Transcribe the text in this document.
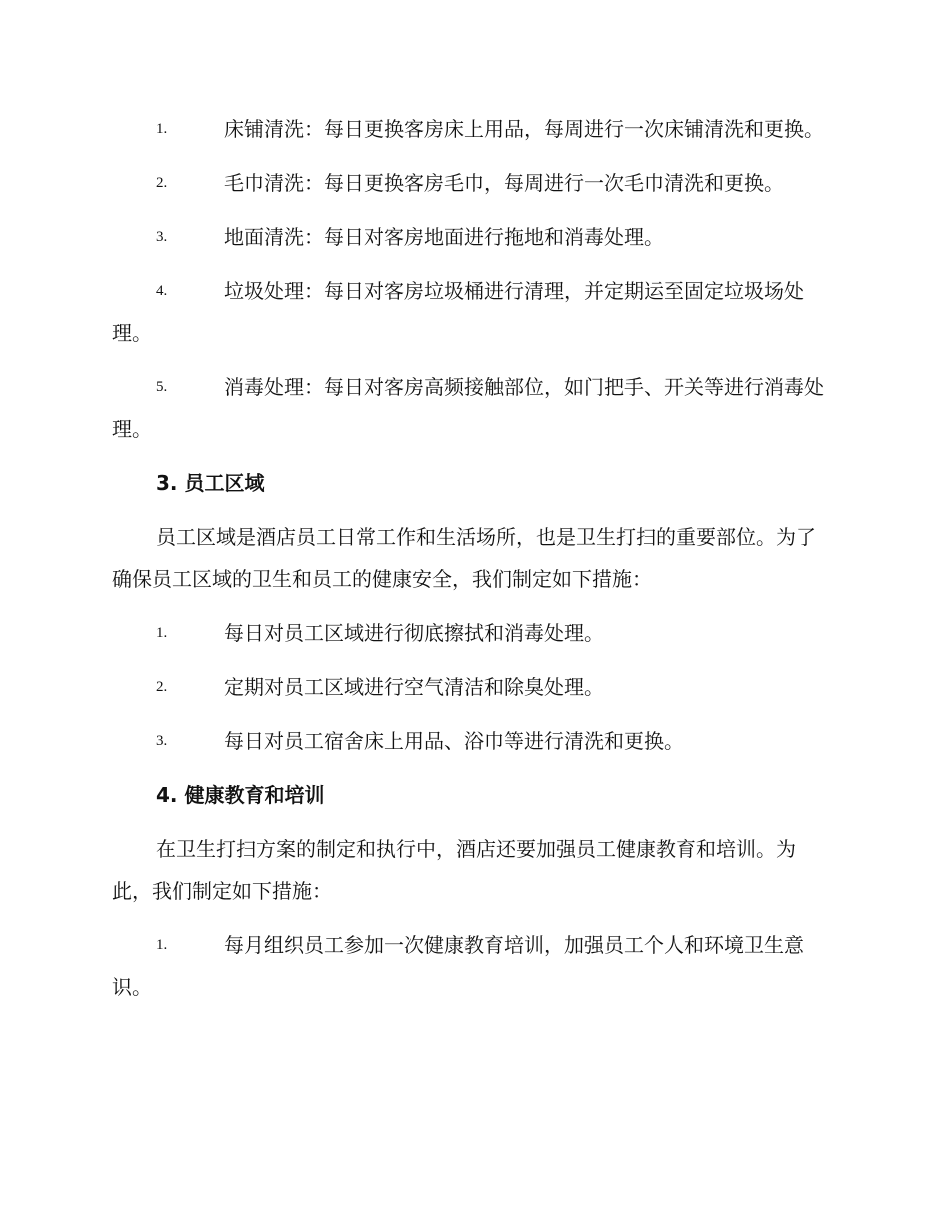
1.	床铺清洗：每日更换客房床上用品，每周进行一次床铺清洗和更换。
2.	毛巾清洗：每日更换客房毛巾，每周进行一次毛巾清洗和更换。
3.	地面清洗：每日对客房地面进行拖地和消毒处理。
4.	垃圾处理：每日对客房垃圾桶进行清理，并定期运至固定垃圾场处理。
5.	消毒处理：每日对客房高频接触部位，如门把手、开关等进行消毒处理。
3. 员工区域
员工区域是酒店员工日常工作和生活场所，也是卫生打扫的重要部位。为了确保员工区域的卫生和员工的健康安全，我们制定如下措施：
1.	每日对员工区域进行彻底擦拭和消毒处理。
2.	定期对员工区域进行空气清洁和除臭处理。
3.	每日对员工宿舍床上用品、浴巾等进行清洗和更换。
4. 健康教育和培训
在卫生打扫方案的制定和执行中，酒店还要加强员工健康教育和培训。为此，我们制定如下措施：
1.	每月组织员工参加一次健康教育培训，加强员工个人和环境卫生意识。
